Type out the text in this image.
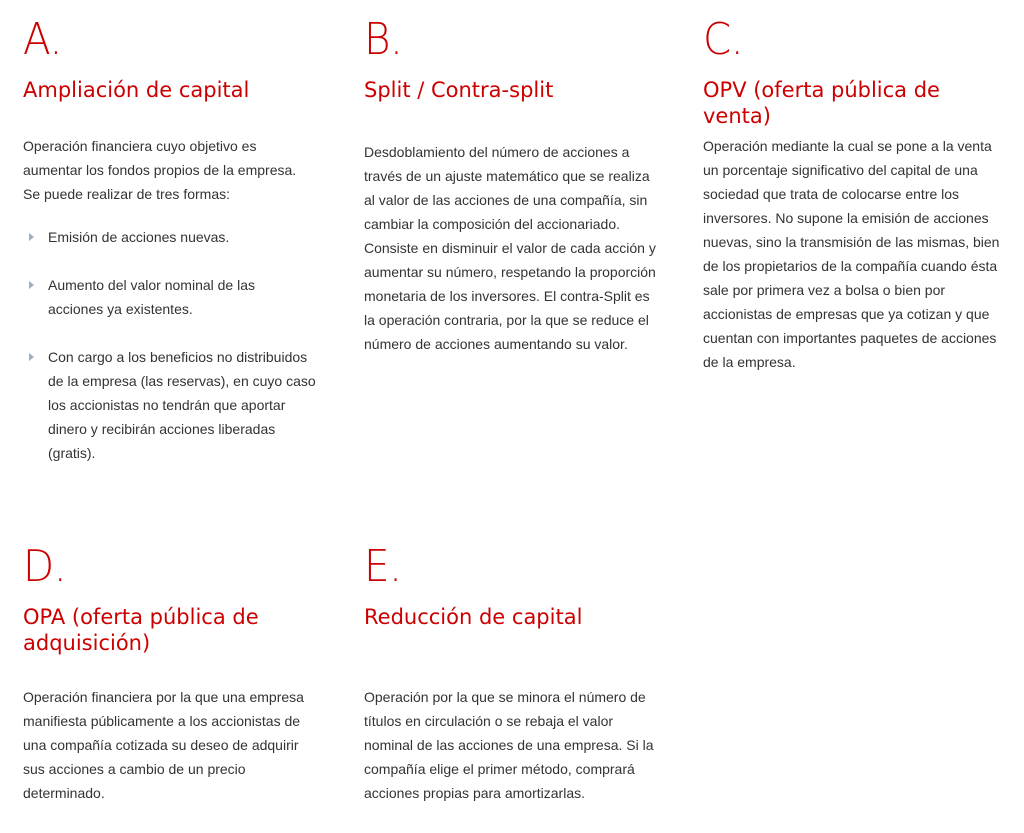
A.
Ampliación de capital
Operación financiera cuyo objetivo es aumentar los fondos propios de la empresa. Se puede realizar de tres formas:
Emisión de acciones nuevas.
Aumento del valor nominal de las acciones ya existentes.
Con cargo a los beneficios no distribuidos de la empresa (las reservas), en cuyo caso los accionistas no tendrán que aportar dinero y recibirán acciones liberadas (gratis).
B.
Split / Contra-split
Desdoblamiento del número de acciones a través de un ajuste matemático que se realiza al valor de las acciones de una compañía, sin cambiar la composición del accionariado. Consiste en disminuir el valor de cada acción y aumentar su número, respetando la proporción monetaria de los inversores. El contra-Split es la operación contraria, por la que se reduce el número de acciones aumentando su valor.
C.
OPV (oferta pública de venta)
Operación mediante la cual se pone a la venta un porcentaje significativo del capital de una sociedad que trata de colocarse entre los inversores. No supone la emisión de acciones nuevas, sino la transmisión de las mismas, bien de los propietarios de la compañía cuando ésta sale por primera vez a bolsa o bien por accionistas de empresas que ya cotizan y que cuentan con importantes paquetes de acciones de la empresa.
D.
OPA (oferta pública de adquisición)
Operación financiera por la que una empresa manifiesta públicamente a los accionistas de una compañía cotizada su deseo de adquirir sus acciones a cambio de un precio determinado.
E.
Reducción de capital
Operación por la que se minora el número de títulos en circulación o se rebaja el valor nominal de las acciones de una empresa. Si la compañía elige el primer método, comprará acciones propias para amortizarlas.
